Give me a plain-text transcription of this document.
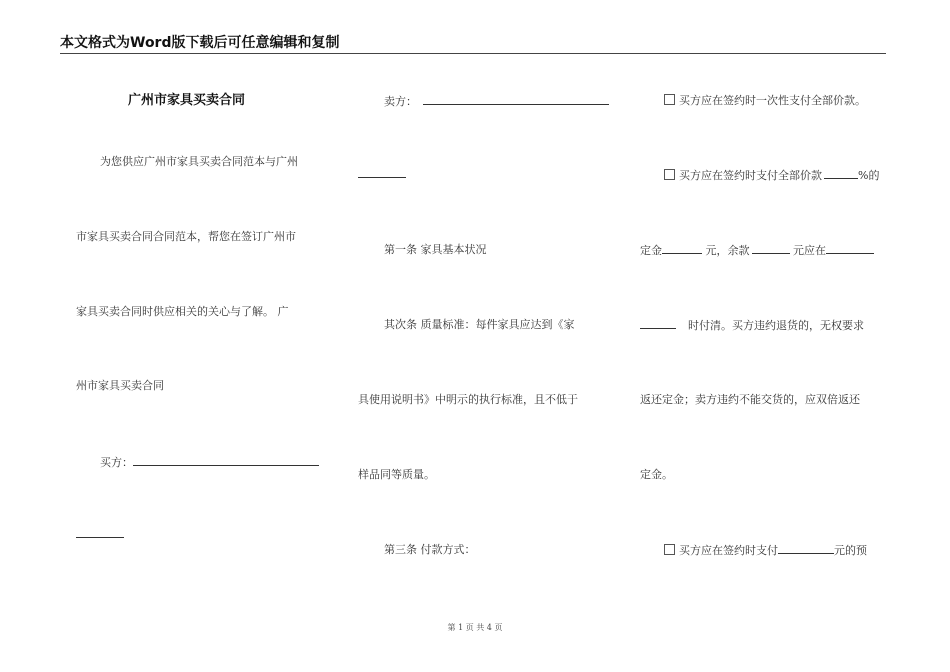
本文格式为Word版下载后可任意编辑和复制
广州市家具买卖合同
为您供应广州市家具买卖合同范本与广州
市家具买卖合同合同范本，帮您在签订广州市
家具买卖合同时供应相关的关心与了解。 广
州市家具买卖合同
买方：
卖方：
第一条 家具基本状况
其次条 质量标准：每件家具应达到《家
具使用说明书》中明示的执行标准，且不低于
样品同等质量。
第三条 付款方式：
买方应在签约时一次性支付全部价款。
买方应在签约时支付全部价款	%的
定金	元，余款	元应在
时付清。买方违约退货的，无权要求
返还定金；卖方违约不能交货的，应双倍返还
定金。
买方应在签约时支付	元的预
第 1 页 共 4 页
